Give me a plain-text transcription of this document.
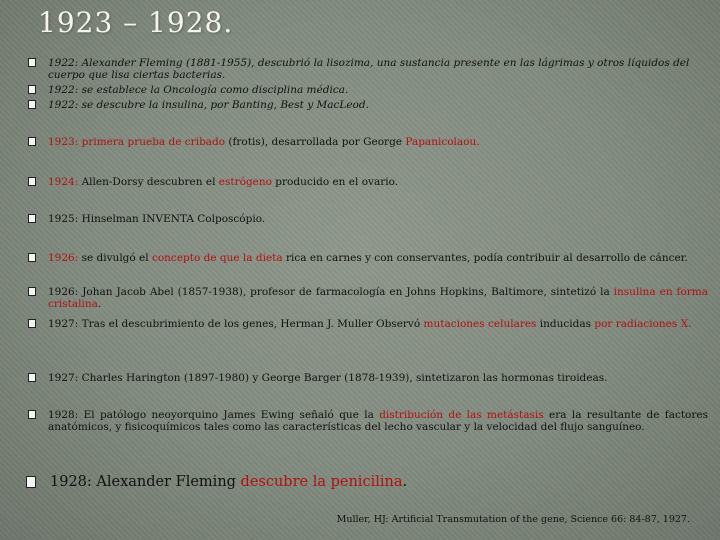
1923 – 1928.
1922: Alexander Fleming (1881-1955), descubrió la lisozima, una sustancia presente en las lágrimas y otros líquidos del cuerpo que lisa ciertas bacterias.
1922: se establece la Oncología como disciplina médica.
1922: se descubre la insulina, por Banting, Best y MacLeod.
1923: primera prueba de cribado (frotis), desarrollada por George Papanicolaou.
1924: Allen-Dorsy descubren el estrógeno producido en el ovario.
1925: Hinselman INVENTA Colposcópio.
1926: se divulgó el concepto de que la dieta rica en carnes y con conservantes, podía contribuir al desarrollo de cáncer.
1926: Johan Jacob Abel (1857-1938), profesor de farmacología en Johns Hopkins, Baltimore, sintetizó la insulina en forma cristalina.
1927: Tras el descubrimiento de los genes, Herman J. Muller Observó mutaciones celulares inducidas por radiaciones X.
1927: Charles Harington (1897-1980) y George Barger (1878-1939), sintetizaron las hormonas tiroideas.
1928: El patólogo neoyorquino James Ewing señaló que la distribución de las metástasis era la resultante de factores anatómicos, y fisicoquímicos tales como las características del lecho vascular y la velocidad del flujo sanguíneo.
1928: Alexander Fleming descubre la penicilina.
Muller, HJ: Artificial Transmutation of the gene, Science 66: 84-87, 1927.
